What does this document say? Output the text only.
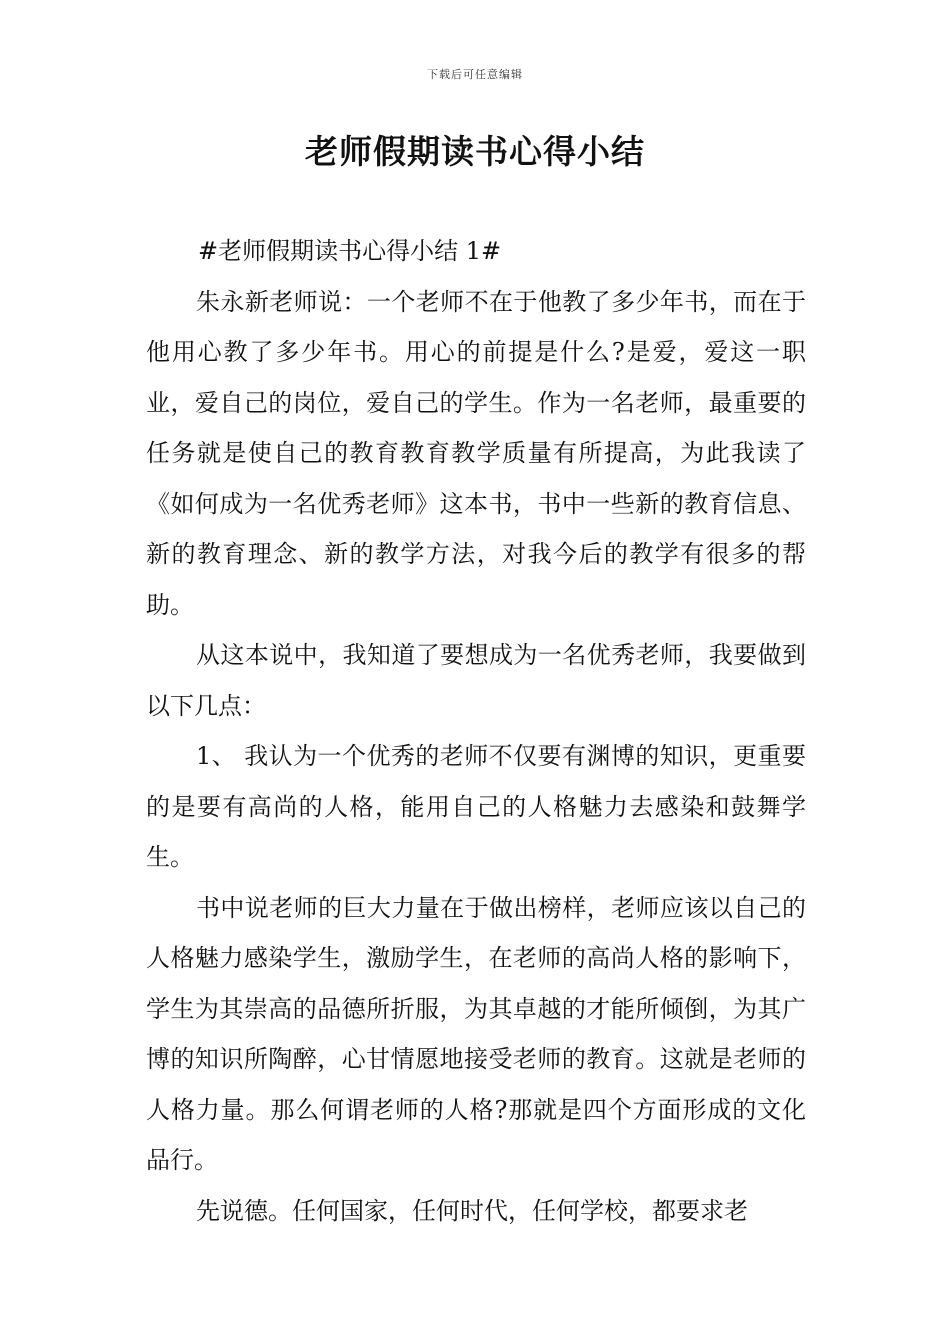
下载后可任意编辑
老师假期读书心得小结

#老师假期读书心得小结 1#

朱永新老师说：一个老师不在于他教了多少年书，而在于他用心教了多少年书。用心的前提是什么?是爱，爱这一职业，爱自己的岗位，爱自己的学生。作为一名老师，最重要的任务就是使自己的教育教育教学质量有所提高，为此我读了《如何成为一名优秀老师》这本书，书中一些新的教育信息、新的教育理念、新的教学方法，对我今后的教学有很多的帮助。

从这本说中，我知道了要想成为一名优秀老师，我要做到以下几点：

1、 我认为一个优秀的老师不仅要有渊博的知识，更重要的是要有高尚的人格，能用自己的人格魅力去感染和鼓舞学生。

书中说老师的巨大力量在于做出榜样，老师应该以自己的人格魅力感染学生，激励学生，在老师的高尚人格的影响下，学生为其崇高的品德所折服，为其卓越的才能所倾倒，为其广博的知识所陶醉，心甘情愿地接受老师的教育。这就是老师的人格力量。那么何谓老师的人格?那就是四个方面形成的文化品行。

先说德。任何国家，任何时代，任何学校，都要求老
